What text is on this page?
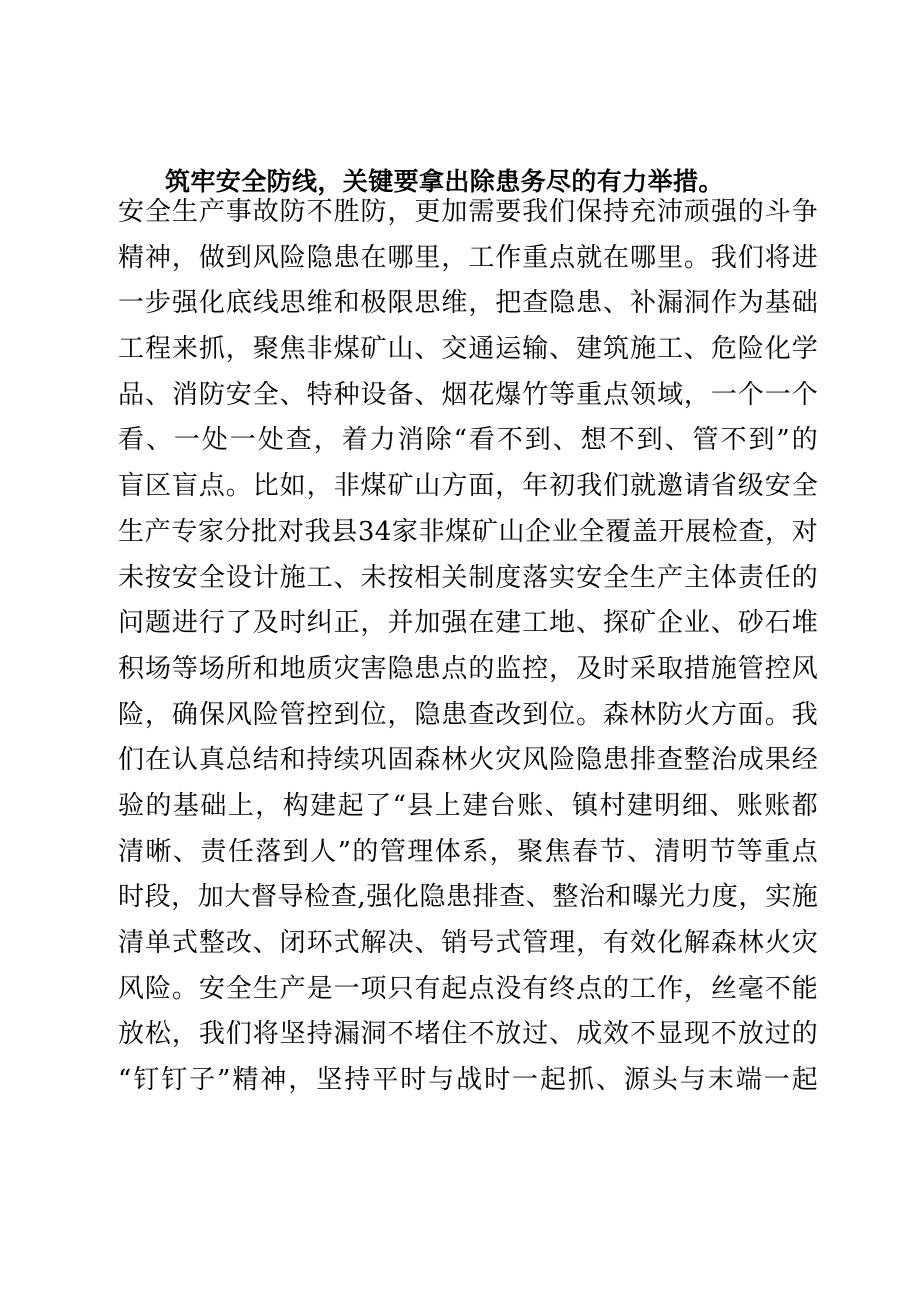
筑牢安全防线，关键要拿出除患务尽的有力举措。
安全生产事故防不胜防，更加需要我们保持充沛顽强的斗争
精神，做到风险隐患在哪里，工作重点就在哪里。我们将进
一步强化底线思维和极限思维，把查隐患、补漏洞作为基础
工程来抓，聚焦非煤矿山、交通运输、建筑施工、危险化学
品、消防安全、特种设备、烟花爆竹等重点领域，一个一个
看、一处一处查，着力消除“看不到、想不到、管不到”的
盲区盲点。比如，非煤矿山方面，年初我们就邀请省级安全
生产专家分批对我县34家非煤矿山企业全覆盖开展检查，对
未按安全设计施工、未按相关制度落实安全生产主体责任的
问题进行了及时纠正，并加强在建工地、探矿企业、砂石堆
积场等场所和地质灾害隐患点的监控，及时采取措施管控风
险，确保风险管控到位，隐患查改到位。森林防火方面。我
们在认真总结和持续巩固森林火灾风险隐患排查整治成果经
验的基础上，构建起了“县上建台账、镇村建明细、账账都
清晰、责任落到人”的管理体系，聚焦春节、清明节等重点
时段，加大督导检查,强化隐患排查、整治和曝光力度，实施
清单式整改、闭环式解决、销号式管理，有效化解森林火灾
风险。安全生产是一项只有起点没有终点的工作，丝毫不能
放松，我们将坚持漏洞不堵住不放过、成效不显现不放过的
“钉钉子”精神，坚持平时与战时一起抓、源头与末端一起
